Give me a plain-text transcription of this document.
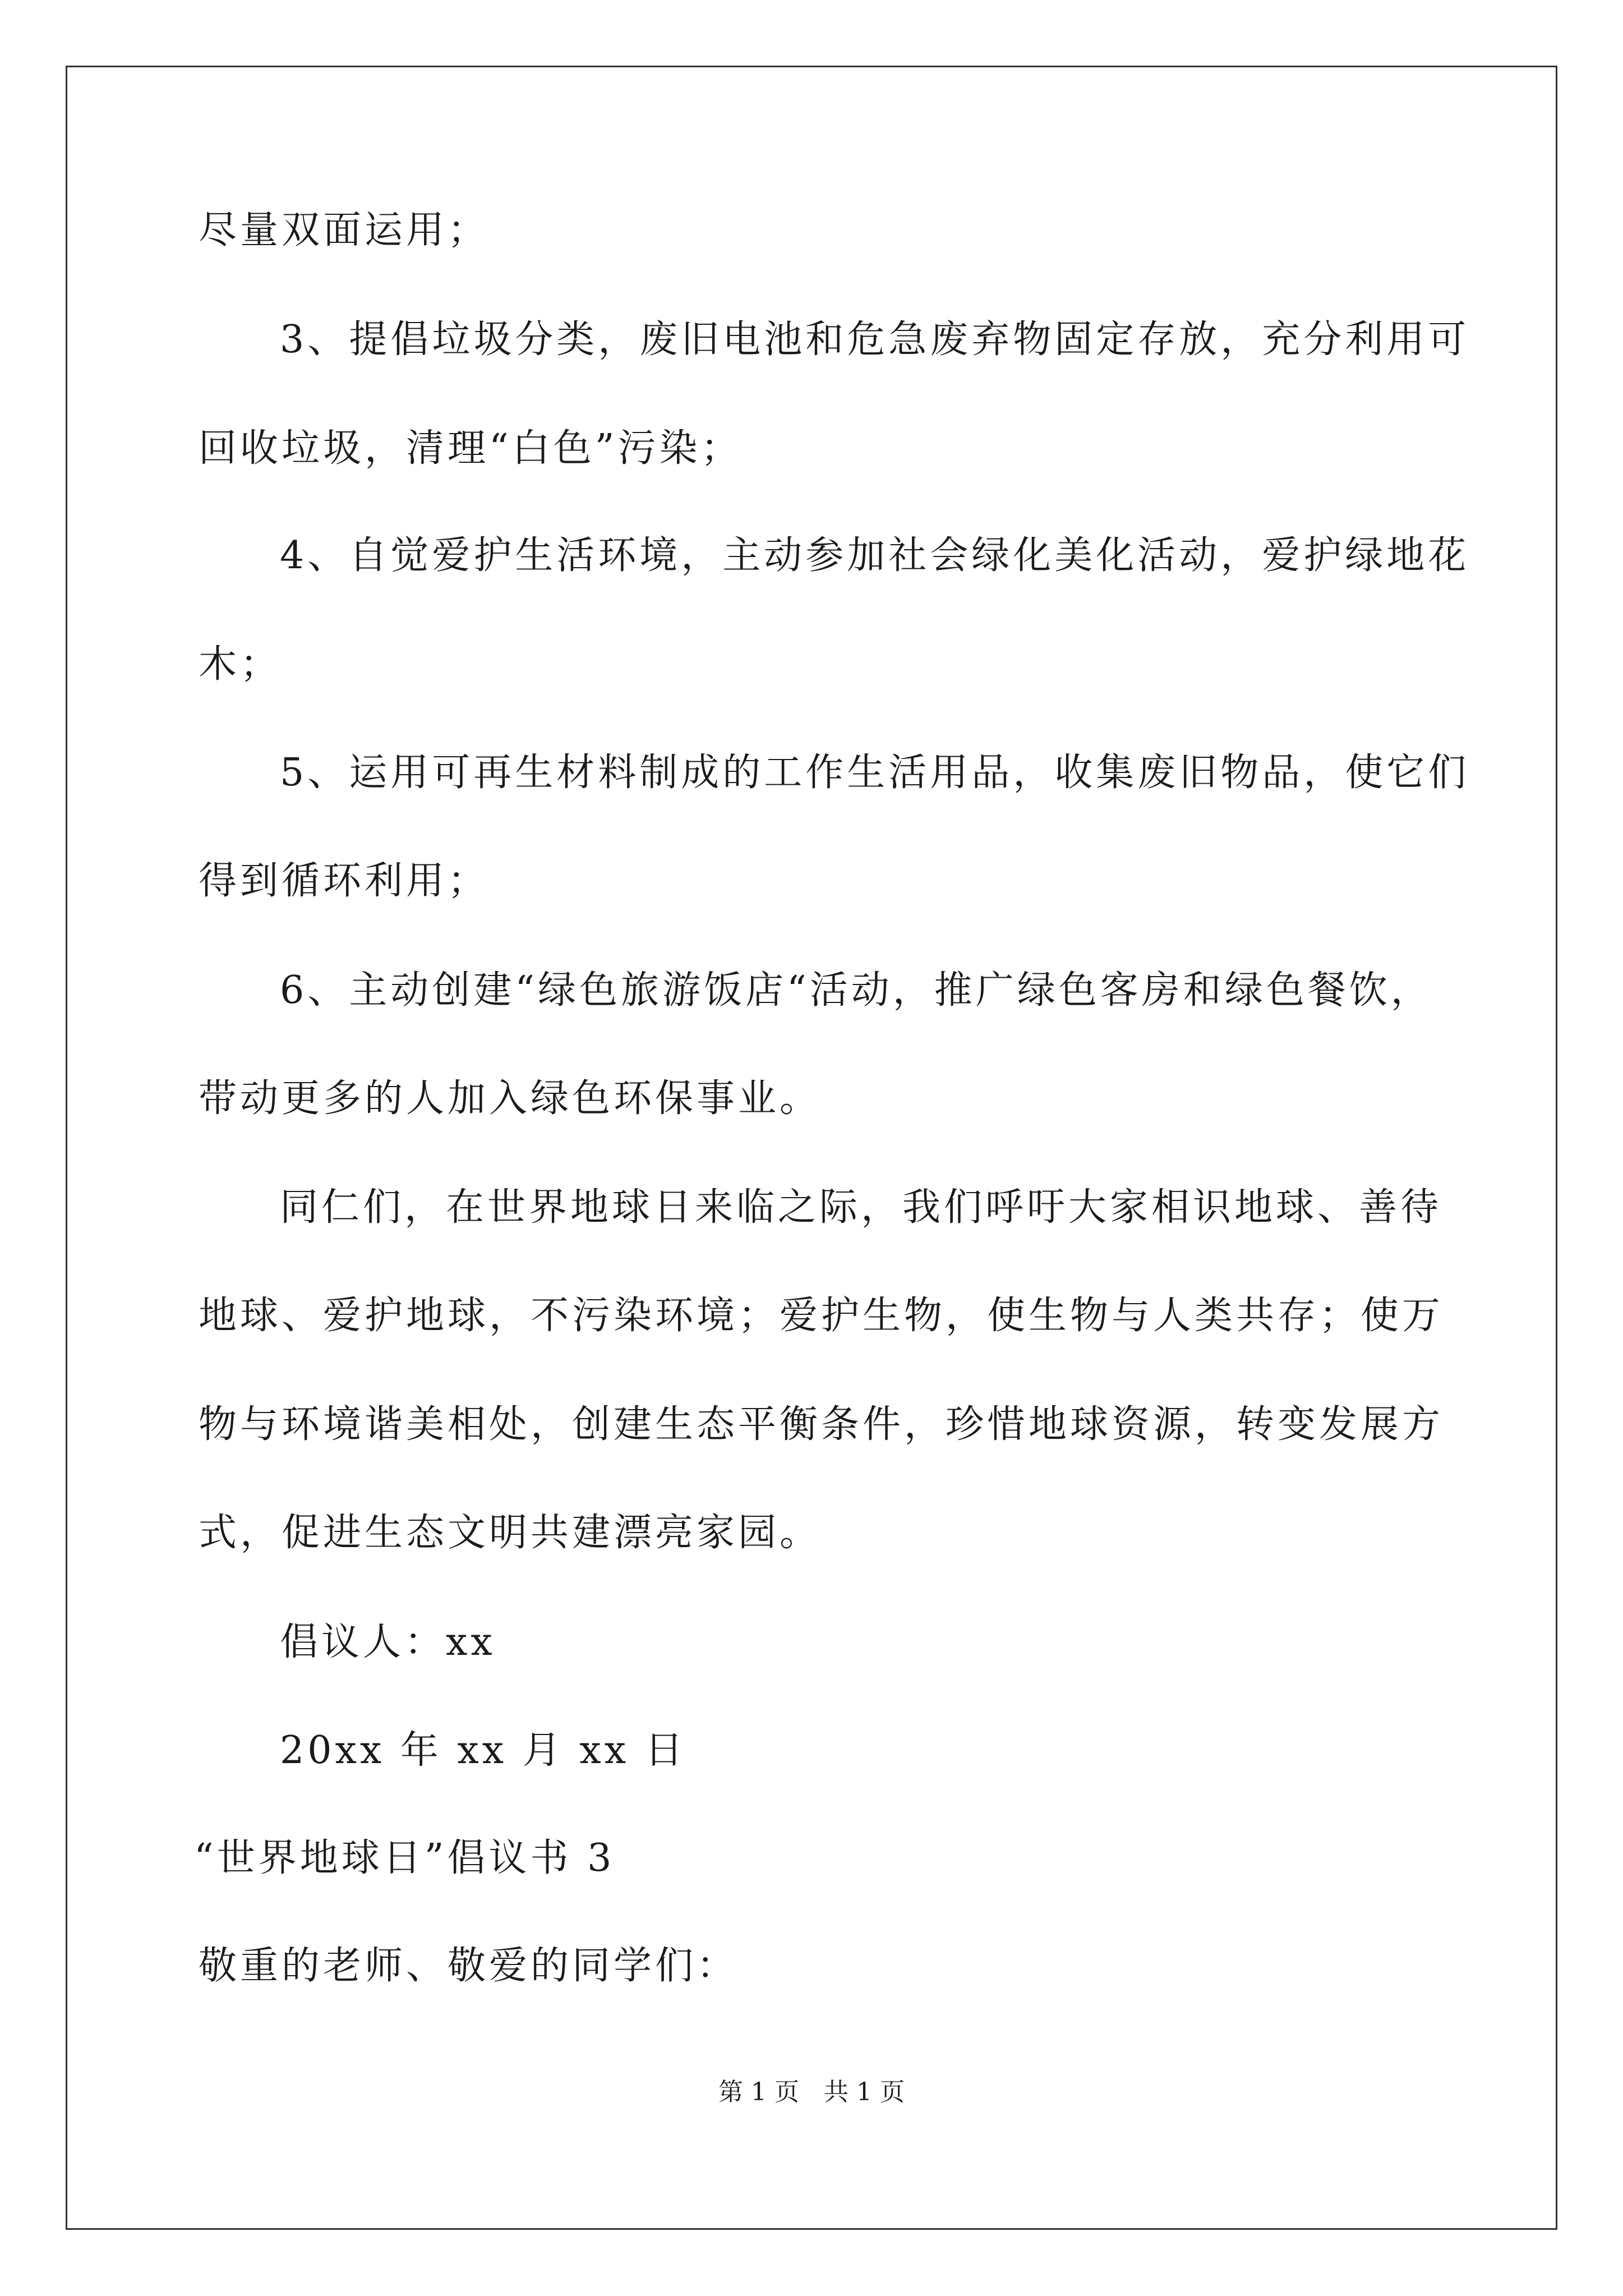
尽量双面运用；
3、提倡垃圾分类，废旧电池和危急废弃物固定存放，充分利用可
回收垃圾，清理“白色”污染；
4、自觉爱护生活环境，主动参加社会绿化美化活动，爱护绿地花
木；
5、运用可再生材料制成的工作生活用品，收集废旧物品，使它们
得到循环利用；
6、主动创建“绿色旅游饭店“活动，推广绿色客房和绿色餐饮，
带动更多的人加入绿色环保事业。
同仁们，在世界地球日来临之际，我们呼吁大家相识地球、善待
地球、爱护地球，不污染环境；爱护生物，使生物与人类共存；使万
物与环境谐美相处，创建生态平衡条件，珍惜地球资源，转变发展方
式，促进生态文明共建漂亮家园。
倡议人：xx
20xx 年 xx 月 xx 日
“世界地球日”倡议书 3
敬重的老师、敬爱的同学们：
第 1 页　共 1 页
